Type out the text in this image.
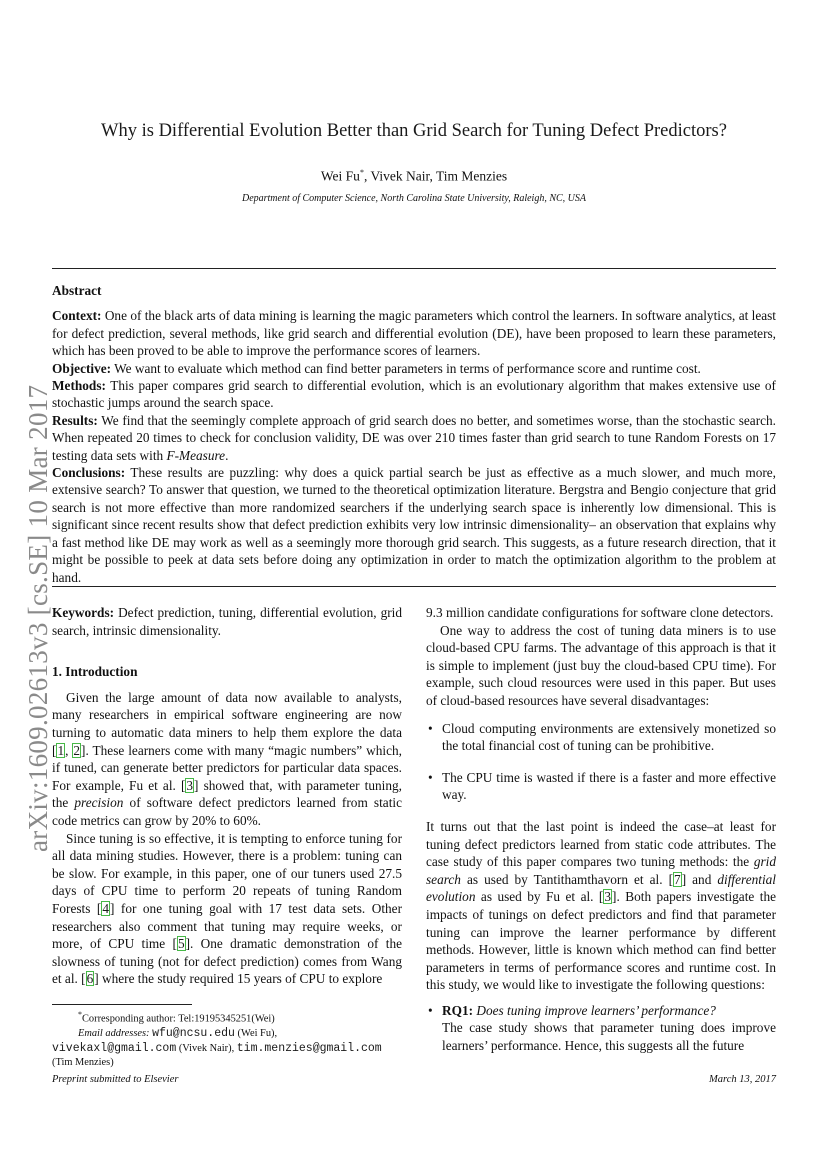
arXiv:1609.02613v3 [cs.SE] 10 Mar 2017
Why is Differential Evolution Better than Grid Search for Tuning Defect Predictors?
Wei Fu*, Vivek Nair, Tim Menzies
Department of Computer Science, North Carolina State University, Raleigh, NC, USA
Abstract

Context: One of the black arts of data mining is learning the magic parameters which control the learners. In software analytics, at least for defect prediction, several methods, like grid search and differential evolution (DE), have been proposed to learn these parameters, which has been proved to be able to improve the performance scores of learners.

Objective: We want to evaluate which method can find better parameters in terms of performance score and runtime cost.

Methods: This paper compares grid search to differential evolution, which is an evolutionary algorithm that makes extensive use of stochastic jumps around the search space.

Results: We find that the seemingly complete approach of grid search does no better, and sometimes worse, than the stochastic search. When repeated 20 times to check for conclusion validity, DE was over 210 times faster than grid search to tune Random Forests on 17 testing data sets with F-Measure.

Conclusions: These results are puzzling: why does a quick partial search be just as effective as a much slower, and much more, extensive search? To answer that question, we turned to the theoretical optimization literature. Bergstra and Bengio conjecture that grid search is not more effective than more randomized searchers if the underlying search space is inherently low dimensional. This is significant since recent results show that defect prediction exhibits very low intrinsic dimensionality– an observation that explains why a fast method like DE may work as well as a seemingly more thorough grid search. This suggests, as a future research direction, that it might be possible to peek at data sets before doing any optimization in order to match the optimization algorithm to the problem at hand.

Keywords: Defect prediction, tuning, differential evolution, grid search, intrinsic dimensionality.

1. Introduction

Given the large amount of data now available to analysts, many researchers in empirical software engineering are now turning to automatic data miners to help them explore the data [1, 2]. These learners come with many “magic numbers” which, if tuned, can generate better predictors for particular data spaces. For example, Fu et al. [3] showed that, with parameter tuning, the precision of software defect predictors learned from static code metrics can grow by 20% to 60%.

Since tuning is so effective, it is tempting to enforce tuning for all data mining studies. However, there is a problem: tuning can be slow. For example, in this paper, one of our tuners used 27.5 days of CPU time to perform 20 repeats of tuning Random Forests [4] for one tuning goal with 17 test data sets. Other researchers also comment that tuning may require weeks, or more, of CPU time [5]. One dramatic demonstration of the slowness of tuning (not for defect prediction) comes from Wang et al. [6] where the study required 15 years of CPU to explore

9.3 million candidate configurations for software clone detectors.

One way to address the cost of tuning data miners is to use cloud-based CPU farms. The advantage of this approach is that it is simple to implement (just buy the cloud-based CPU time). For example, such cloud resources were used in this paper. But uses of cloud-based resources have several disadvantages:

• Cloud computing environments are extensively monetized so the total financial cost of tuning can be prohibitive.
• The CPU time is wasted if there is a faster and more effective way.

It turns out that the last point is indeed the case–at least for tuning defect predictors learned from static code attributes. The case study of this paper compares two tuning methods: the grid search as used by Tantithamthavorn et al. [7] and differential evolution as used by Fu et al. [3]. Both papers investigate the impacts of tunings on defect predictors and find that parameter tuning can improve the learner performance by different methods. However, little is known which method can find better parameters in terms of performance scores and runtime cost. In this study, we would like to investigate the following questions:

• RQ1: Does tuning improve learners’ performance?
The case study shows that parameter tuning does improve learners’ performance. Hence, this suggests all the future

*Corresponding author: Tel:19195345251(Wei)

Email addresses: wfu@ncsu.edu (Wei Fu),
vivekaxl@gmail.com (Vivek Nair), tim.menzies@gmail.com (Tim Menzies)

Preprint submitted to Elsevier	March 13, 2017
